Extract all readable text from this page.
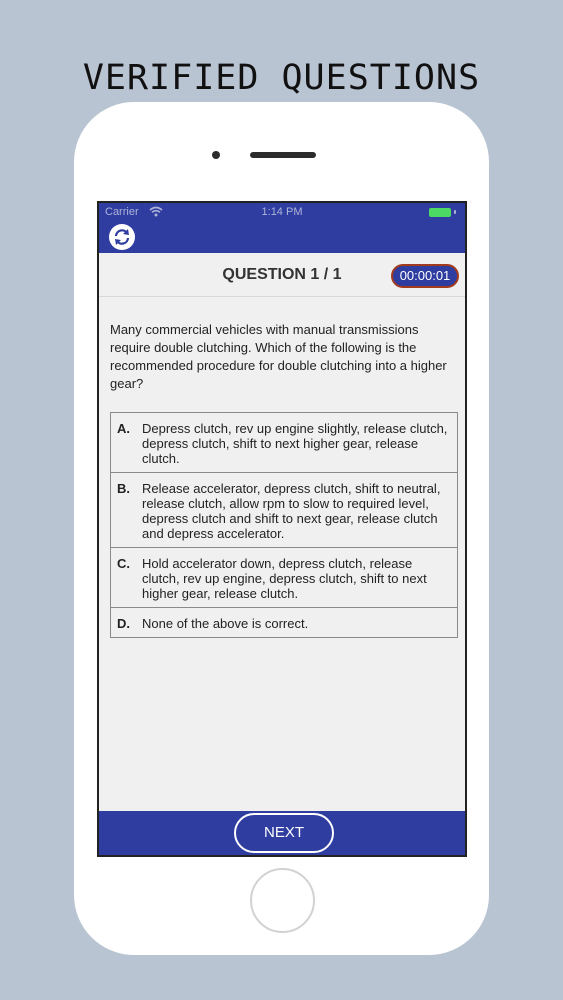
VERIFIED QUESTIONS
Carrier	1:14 PM
QUESTION 1 / 1	00:00:01
Many commercial vehicles with manual transmissions require double clutching. Which of the following is the recommended procedure for double clutching into a higher gear?
A. Depress clutch, rev up engine slightly, release clutch, depress clutch, shift to next higher gear, release clutch.
B. Release accelerator, depress clutch, shift to neutral, release clutch, allow rpm to slow to required level, depress clutch and shift to next gear, release clutch and depress accelerator.
C. Hold accelerator down, depress clutch, release clutch, rev up engine, depress clutch, shift to next higher gear, release clutch.
D. None of the above is correct.
NEXT
